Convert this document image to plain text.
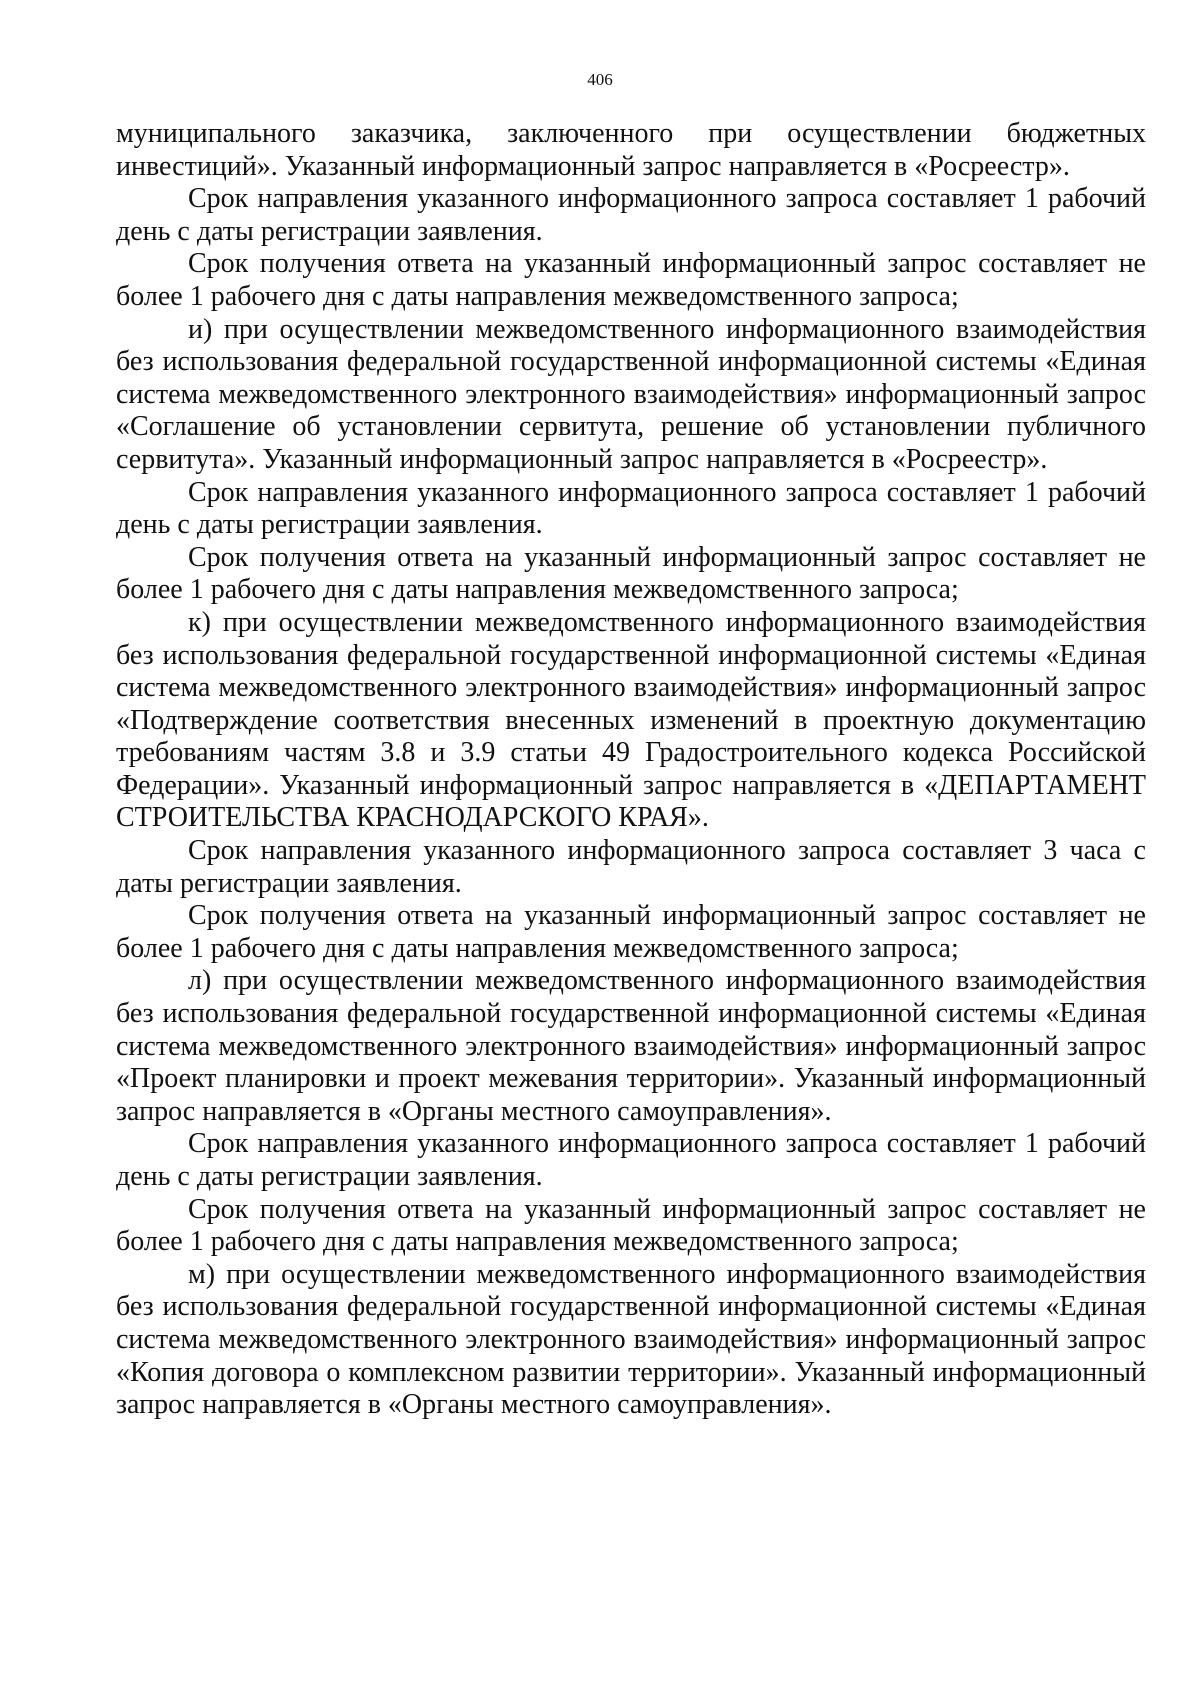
406

муниципального заказчика, заключенного при осуществлении бюджетных инвестиций». Указанный информационный запрос направляется в «Росреестр».

Срок направления указанного информационного запроса составляет 1 рабочий день с даты регистрации заявления.

Срок получения ответа на указанный информационный запрос составляет не более 1 рабочего дня с даты направления межведомственного запроса;

и) при осуществлении межведомственного информационного взаимодействия без использования федеральной государственной информационной системы «Единая система межведомственного электронного взаимодействия» информационный запрос «Соглашение об установлении сервитута, решение об установлении публичного сервитута». Указанный информационный запрос направляется в «Росреестр».

Срок направления указанного информационного запроса составляет 1 рабочий день с даты регистрации заявления.

Срок получения ответа на указанный информационный запрос составляет не более 1 рабочего дня с даты направления межведомственного запроса;

к) при осуществлении межведомственного информационного взаимодействия без использования федеральной государственной информационной системы «Единая система межведомственного электронного взаимодействия» информационный запрос «Подтверждение соответствия внесенных изменений в проектную документацию требованиям частям 3.8 и 3.9 статьи 49 Градостроительного кодекса Российской Федерации». Указанный информационный запрос направляется в «ДЕПАРТАМЕНТ СТРОИТЕЛЬСТВА КРАСНОДАРСКОГО КРАЯ».

Срок направления указанного информационного запроса составляет 3 часа с даты регистрации заявления.

Срок получения ответа на указанный информационный запрос составляет не более 1 рабочего дня с даты направления межведомственного запроса;

л) при осуществлении межведомственного информационного взаимодействия без использования федеральной государственной информационной системы «Единая система межведомственного электронного взаимодействия» информационный запрос «Проект планировки и проект межевания территории». Указанный информационный запрос направляется в «Органы местного самоуправления».

Срок направления указанного информационного запроса составляет 1 рабочий день с даты регистрации заявления.

Срок получения ответа на указанный информационный запрос составляет не более 1 рабочего дня с даты направления межведомственного запроса;

м) при осуществлении межведомственного информационного взаимодействия без использования федеральной государственной информационной системы «Единая система межведомственного электронного взаимодействия» информационный запрос «Копия договора о комплексном развитии территории». Указанный информационный запрос направляется в «Органы местного самоуправления».
